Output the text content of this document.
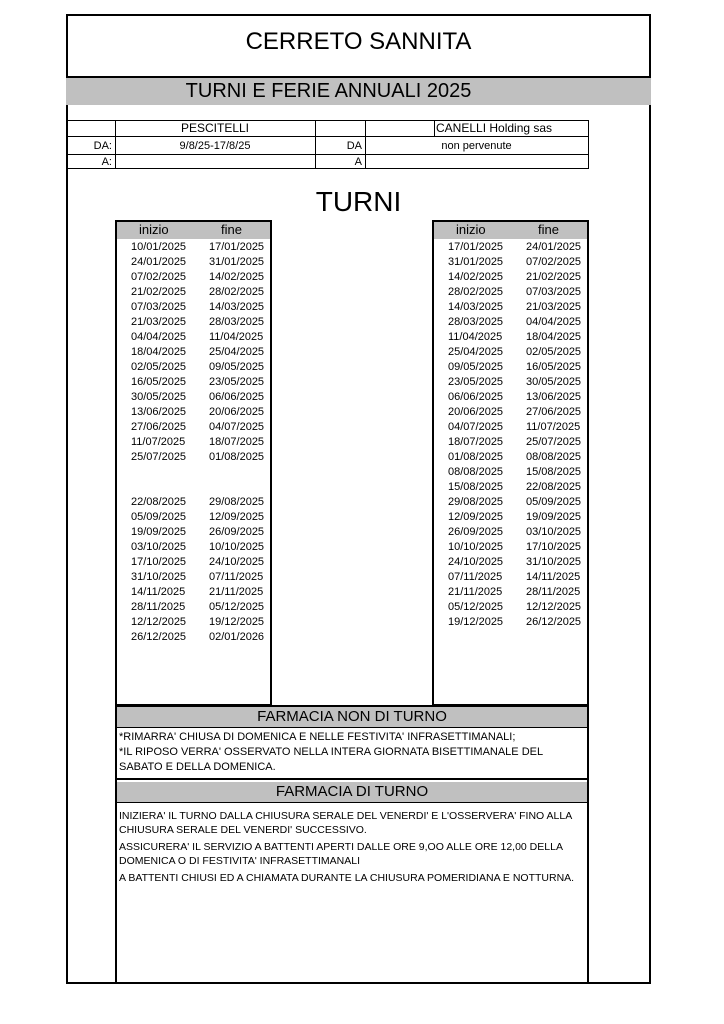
CERRETO SANNITA
TURNI E FERIE ANNUALI 2025
PESCITELLI	CANELLI Holding sas
DA:	9/8/25-17/8/25	DA	non pervenute
A:	A
TURNI
inizio	fine
10/01/2025 17/01/2025
24/01/2025 31/01/2025
07/02/2025 14/02/2025
21/02/2025 28/02/2025
07/03/2025 14/03/2025
21/03/2025 28/03/2025
04/04/2025 11/04/2025
18/04/2025 25/04/2025
02/05/2025 09/05/2025
16/05/2025 23/05/2025
30/05/2025 06/06/2025
13/06/2025 20/06/2025
27/06/2025 04/07/2025
11/07/2025 18/07/2025
25/07/2025 01/08/2025
22/08/2025 29/08/2025
05/09/2025 12/09/2025
19/09/2025 26/09/2025
03/10/2025 10/10/2025
17/10/2025 24/10/2025
31/10/2025 07/11/2025
14/11/2025 21/11/2025
28/11/2025 05/12/2025
12/12/2025 19/12/2025
26/12/2025 02/01/2026
inizio	fine
17/01/2025 24/01/2025
31/01/2025 07/02/2025
14/02/2025 21/02/2025
28/02/2025 07/03/2025
14/03/2025 21/03/2025
28/03/2025 04/04/2025
11/04/2025 18/04/2025
25/04/2025 02/05/2025
09/05/2025 16/05/2025
23/05/2025 30/05/2025
06/06/2025 13/06/2025
20/06/2025 27/06/2025
04/07/2025 11/07/2025
18/07/2025 25/07/2025
01/08/2025 08/08/2025
08/08/2025 15/08/2025
15/08/2025 22/08/2025
29/08/2025 05/09/2025
12/09/2025 19/09/2025
26/09/2025 03/10/2025
10/10/2025 17/10/2025
24/10/2025 31/10/2025
07/11/2025 14/11/2025
21/11/2025 28/11/2025
05/12/2025 12/12/2025
19/12/2025 26/12/2025
FARMACIA NON DI TURNO
*RIMARRA' CHIUSA DI DOMENICA E NELLE FESTIVITA' INFRASETTIMANALI;
*IL RIPOSO VERRA' OSSERVATO NELLA INTERA GIORNATA BISETTIMANALE DEL SABATO E DELLA DOMENICA.
FARMACIA DI TURNO

INIZIERA' IL TURNO DALLA CHIUSURA SERALE DEL VENERDI' E L'OSSERVERA' FINO ALLA CHIUSURA SERALE DEL VENERDI' SUCCESSIVO.

ASSICURERA' IL SERVIZIO A BATTENTI APERTI DALLE ORE 9,OO ALLE ORE 12,00 DELLA DOMENICA O DI FESTIVITA' INFRASETTIMANALI

A BATTENTI CHIUSI ED A CHIAMATA DURANTE LA CHIUSURA POMERIDIANA E NOTTURNA.
